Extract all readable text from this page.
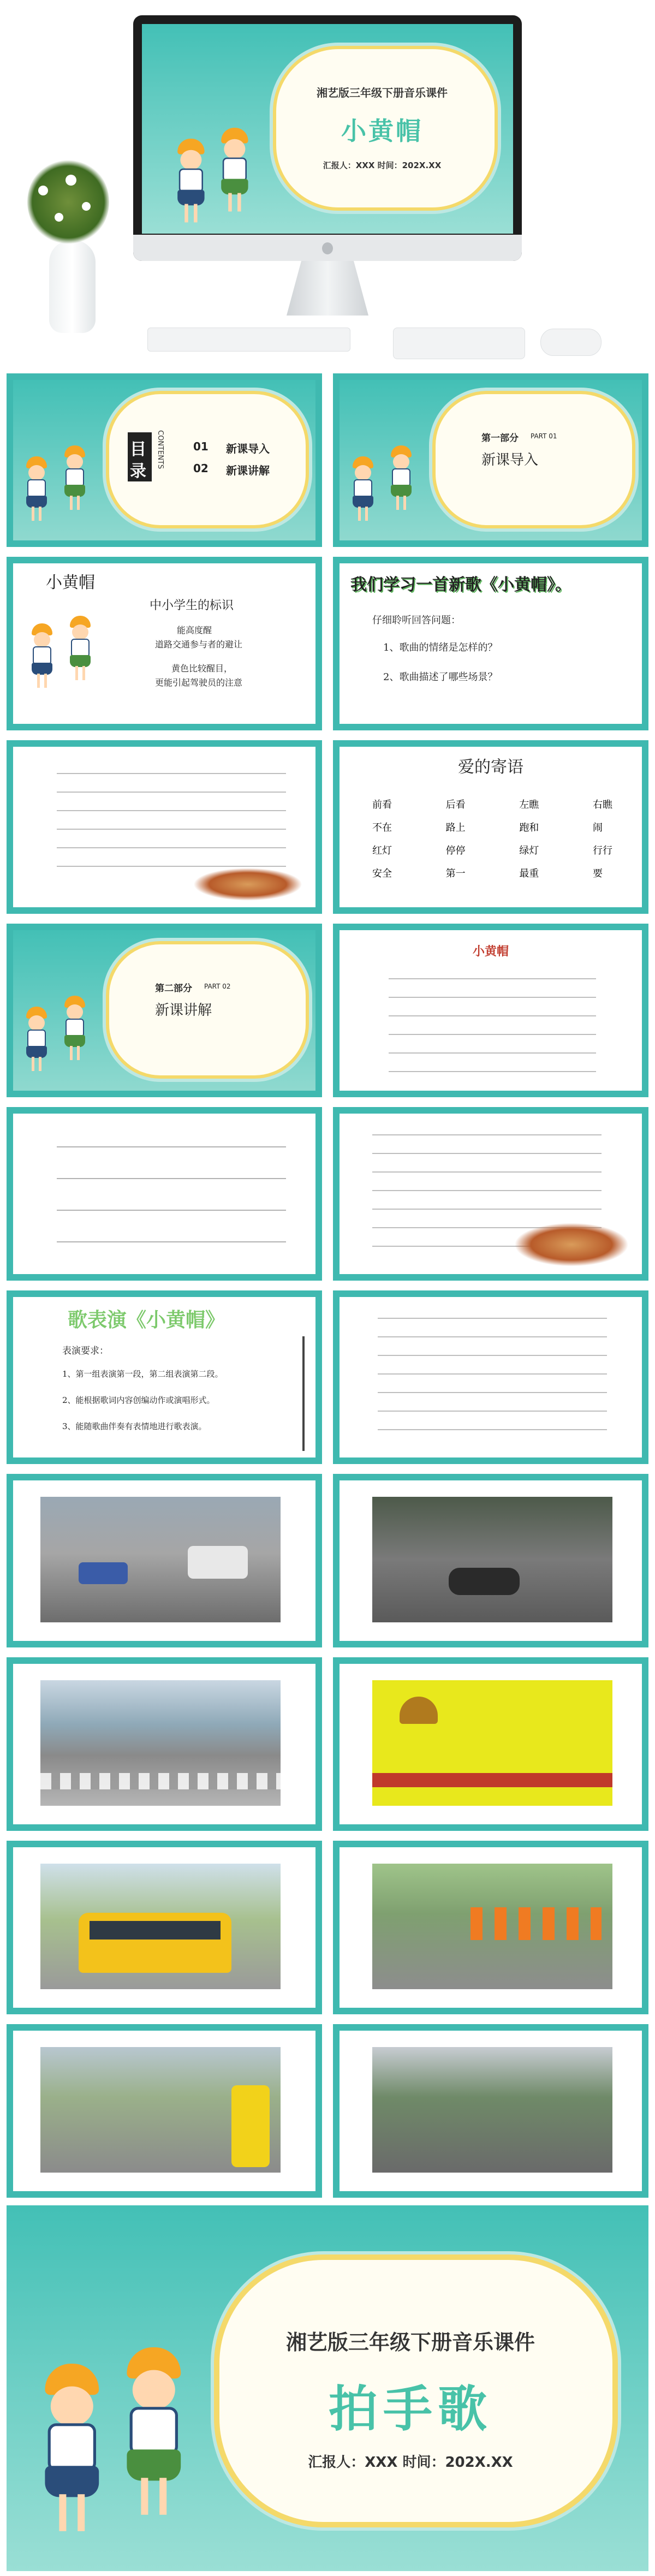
湘艺版三年级下册音乐课件
小黄帽
汇报人：XXX 时间：202X.XX
目
录
CONTENTS	01 新课导入
02 新课讲解
第一部分 PART 01
新课导入
小黄帽
中小学生的标识
能高度醒
道路交通参与者的避让
黄色比较醒目，
更能引起驾驶员的注意
我们学习一首新歌《小黄帽》。
仔细聆听回答问题：
1、歌曲的情绪是怎样的？
2、歌曲描述了哪些场景？
爱的寄语
前看	后看	左瞧	右瞧
不在	路上	跑和	闹
红灯	停停	绿灯	行行
安全	第一	最重	要
第二部分 PART 02
新课讲解
小黄帽
歌表演《小黄帽》
表演要求：
1、第一组表演第一段，第二组表演第二段。
2、能根据歌词内容创编动作或演唱形式。
3、能随歌曲伴奏有表情地进行歌表演。
湘艺版三年级下册音乐课件
拍手歌
汇报人：XXX 时间：202X.XX
